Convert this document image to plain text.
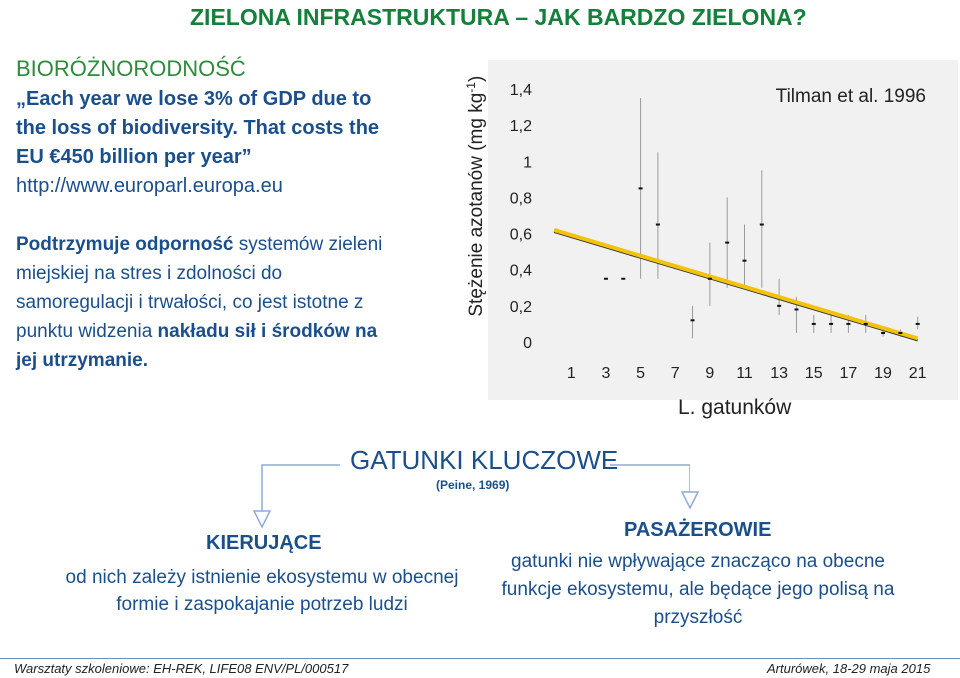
ZIELONA INFRASTRUKTURA – JAK BARDZO ZIELONA?
BIORÓŻNORODNOŚĆ
„Each year we lose 3% of GDP due to
the loss of biodiversity. That costs the
EU €450 billion per year”
http://www.europarl.europa.eu
Podtrzymuje odporność systemów zieleni
miejskiej na stres i zdolności do
samoregulacji i trwałości, co jest istotne z
punktu widzenia nakładu sił i środków na
jej utrzymanie.
Stężenie azotanów (mg $kg^{-1}$)
Tilman et al. 1996
1,4
1,2
1
0,8
0,6
0,4
0,2
0
1 3 5 7 9 11 13 15 17 19 21
L. gatunków
GATUNKI KLUCZOWE
(Peine, 1969)
KIERUJĄCE
od nich zależy istnienie ekosystemu w obecnej
formie i zaspokajanie potrzeb ludzi
PASAŻEROWIE
gatunki nie wpływające znacząco na obecne
funkcje ekosystemu, ale będące jego polisą na
przyszłość
Warsztaty szkoleniowe: EH-REK, LIFE08 ENV/PL/000517	Arturówek, 18-29 maja 2015
